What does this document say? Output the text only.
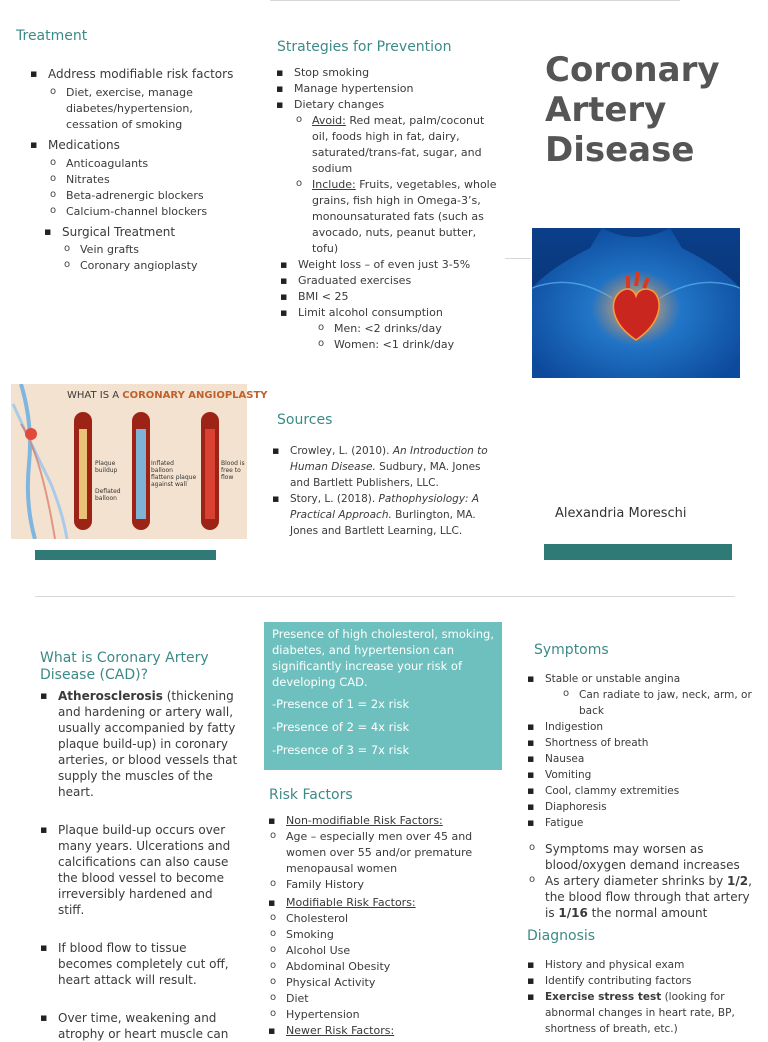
Treatment
▪ Address modifiable risk factors
o Diet, exercise, manage diabetes/hypertension, cessation of smoking
▪ Medications
o Anticoagulants
o Nitrates
o Beta-adrenergic blockers
o Calcium-channel blockers
▪ Surgical Treatment
o Vein grafts
o Coronary angioplasty
Strategies for Prevention
▪ Stop smoking
▪ Manage hypertension
▪ Dietary changes
o Avoid: Red meat, palm/coconut oil, foods high in fat, dairy, saturated/trans-fat, sugar, and sodium
o Include: Fruits, vegetables, whole grains, fish high in Omega-3’s, monounsaturated fats (such as avocado, nuts, peanut butter, tofu)
▪ Weight loss – of even just 3-5%
▪ Graduated exercises
▪ BMI < 25
▪ Limit alcohol consumption
o Men: <2 drinks/day
o Women: <1 drink/day
Coronary
Artery
Disease
Alexandria Moreschi
WHAT IS A CORONARY ANGIOPLASTY
Plaque buildup
Deflated balloon
Inflated balloon flattens plaque against wall
Blood is free to flow
Sources
▪ Crowley, L. (2010). An Introduction to Human Disease. Sudbury, MA. Jones and Bartlett Publishers, LLC.
▪ Story, L. (2018). Pathophysiology: A Practical Approach. Burlington, MA. Jones and Bartlett Learning, LLC.
What is Coronary Artery Disease (CAD)?
▪ Atherosclerosis (thickening and hardening or artery wall, usually accompanied by fatty plaque build-up) in coronary arteries, or blood vessels that supply the muscles of the heart.
▪ Plaque build-up occurs over many years. Ulcerations and calcifications can also cause the blood vessel to become irreversibly hardened and stiff.
▪ If blood flow to tissue becomes completely cut off, heart attack will result.
▪ Over time, weakening and atrophy or heart muscle can
Presence of high cholesterol, smoking, diabetes, and hypertension can significantly increase your risk of developing CAD.
-Presence of 1 = 2x risk
-Presence of 2 = 4x risk
-Presence of 3 = 7x risk
Risk Factors
▪ Non-modifiable Risk Factors:
o Age – especially men over 45 and women over 55 and/or premature menopausal women
o Family History
▪ Modifiable Risk Factors:
o Cholesterol
o Smoking
o Alcohol Use
o Abdominal Obesity
o Physical Activity
o Diet
o Hypertension
▪ Newer Risk Factors:
Symptoms
▪ Stable or unstable angina
o Can radiate to jaw, neck, arm, or back
▪ Indigestion
▪ Shortness of breath
▪ Nausea
▪ Vomiting
▪ Cool, clammy extremities
▪ Diaphoresis
▪ Fatigue
o Symptoms may worsen as blood/oxygen demand increases
o As artery diameter shrinks by 1/2, the blood flow through that artery is 1/16 the normal amount
Diagnosis
▪ History and physical exam
▪ Identify contributing factors
▪ Exercise stress test (looking for abnormal changes in heart rate, BP, shortness of breath, etc.)
